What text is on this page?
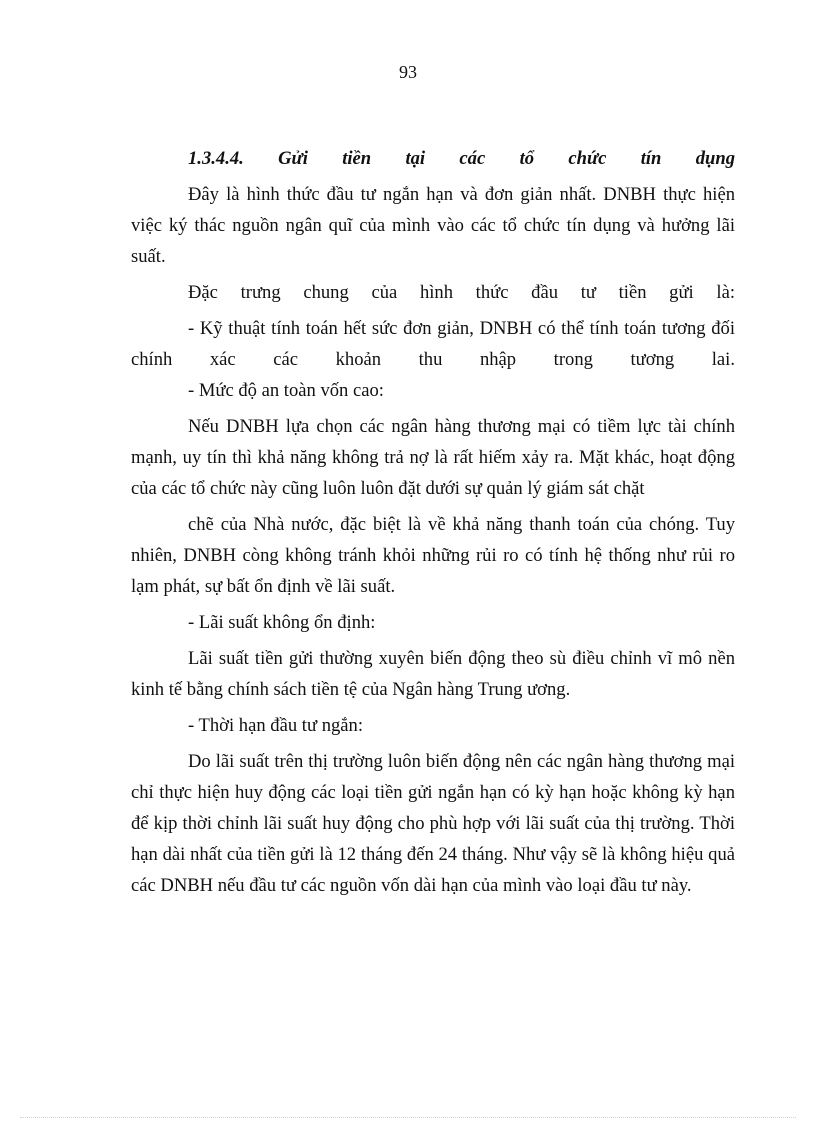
93
1.3.4.4. Gửi tiền tại các tổ chức tín dụng

Đây là hình thức đầu tư ngắn hạn và đơn giản nhất. DNBH thực hiện việc ký thác nguồn ngân quĩ của mình vào các tổ chức tín dụng và hưởng lãi suất.

Đặc trưng chung của hình thức đầu tư tiền gửi là:

- Kỹ thuật tính toán hết sức đơn giản, DNBH có thể tính toán tương đối chính xác các khoản thu nhập trong tương lai.

- Mức độ an toàn vốn cao:

Nếu DNBH lựa chọn các ngân hàng thương mại có tiềm lực tài chính mạnh, uy tín thì khả năng không trả nợ là rất hiếm xảy ra. Mặt khác, hoạt động của các tổ chức này cũng luôn luôn đặt dưới sự quản lý giám sát chặt

chẽ của Nhà nước, đặc biệt là về khả năng thanh toán của chóng. Tuy nhiên, DNBH còng không tránh khỏi những rủi ro có tính hệ thống như rủi ro lạm phát, sự bất ổn định về lãi suất.

- Lãi suất không ổn định:

Lãi suất tiền gửi thường xuyên biến động theo sù điều chỉnh vĩ mô nền kinh tế bằng chính sách tiền tệ của Ngân hàng Trung ương.

- Thời hạn đầu tư ngắn:

Do lãi suất trên thị trường luôn biến động nên các ngân hàng thương mại chỉ thực hiện huy động các loại tiền gửi ngắn hạn có kỳ hạn hoặc không kỳ hạn để kịp thời chỉnh lãi suất huy động cho phù hợp với lãi suất của thị trường. Thời hạn dài nhất của tiền gửi là 12 tháng đến 24 tháng. Như vậy sẽ là không hiệu quả các DNBH nếu đầu tư các nguồn vốn dài hạn của mình vào loại đầu tư này.
